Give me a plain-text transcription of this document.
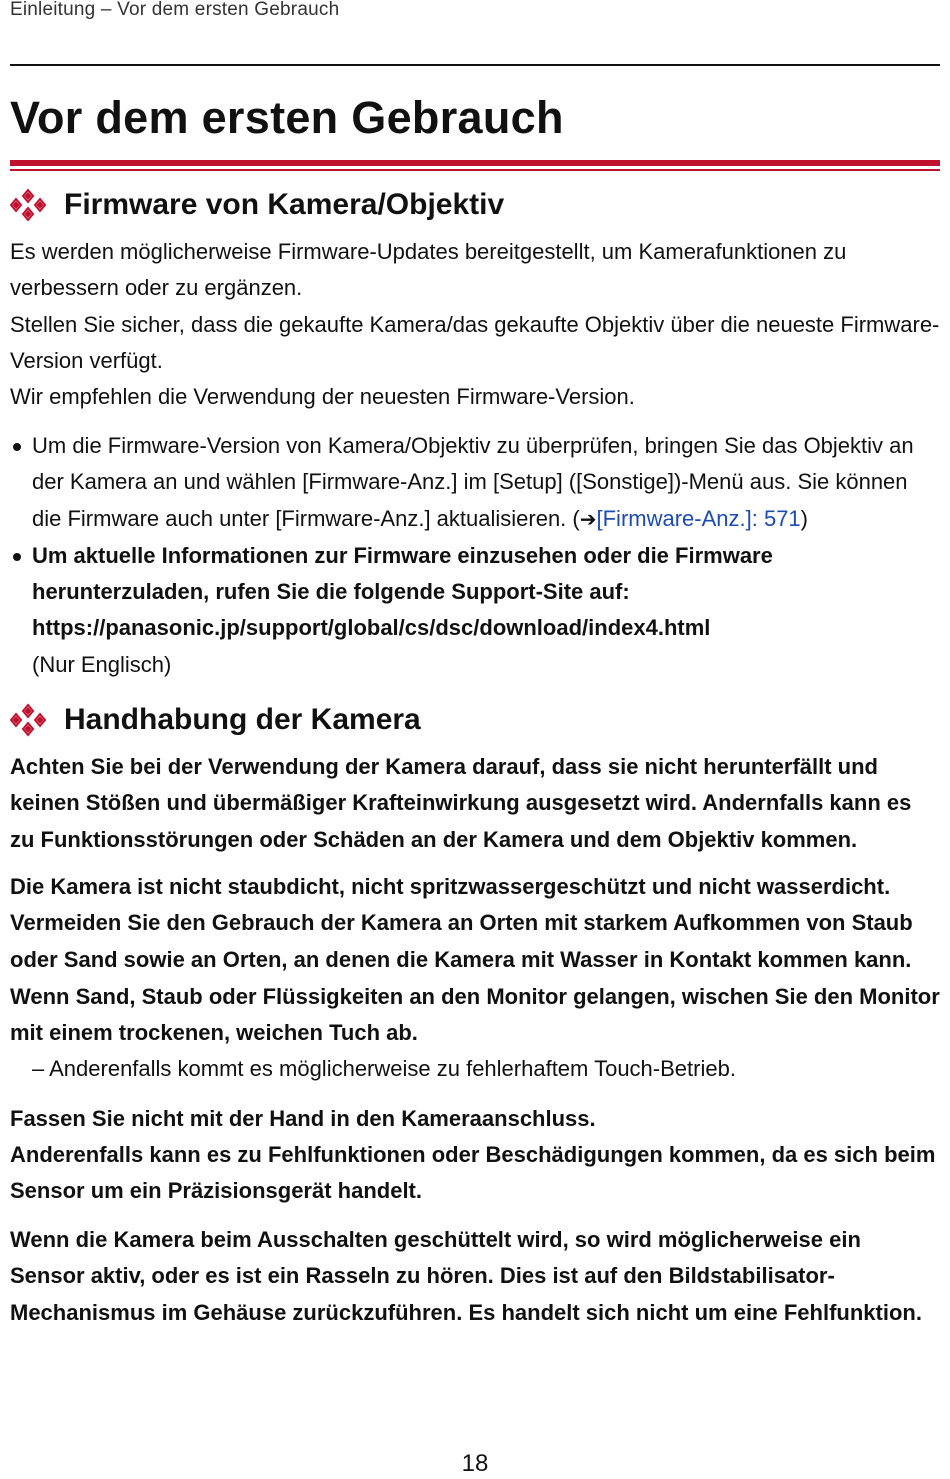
Einleitung – Vor dem ersten Gebrauch
Vor dem ersten Gebrauch
Firmware von Kamera/Objektiv

Es werden möglicherweise Firmware-Updates bereitgestellt, um Kamerafunktionen zu verbessern oder zu ergänzen.

Stellen Sie sicher, dass die gekaufte Kamera/das gekaufte Objektiv über die neueste Firmware-Version verfügt.

Wir empfehlen die Verwendung der neuesten Firmware-Version.

Um die Firmware-Version von Kamera/Objektiv zu überprüfen, bringen Sie das Objektiv an der Kamera an und wählen [Firmware-Anz.] im [Setup] ([Sonstige])-Menü aus. Sie können die Firmware auch unter [Firmware-Anz.] aktualisieren. (➔[Firmware-Anz.]: 571)

Um aktuelle Informationen zur Firmware einzusehen oder die Firmware herunterzuladen, rufen Sie die folgende Support-Site auf:
https://panasonic.jp/support/global/cs/dsc/download/index4.html

(Nur Englisch)

Handhabung der Kamera
Achten Sie bei der Verwendung der Kamera darauf, dass sie nicht herunterfällt und keinen Stößen und übermäßiger Krafteinwirkung ausgesetzt wird. Andernfalls kann es zu Funktionsstörungen oder Schäden an der Kamera und dem Objektiv kommen.
Die Kamera ist nicht staubdicht, nicht spritzwassergeschützt und nicht wasserdicht. Vermeiden Sie den Gebrauch der Kamera an Orten mit starkem Aufkommen von Staub oder Sand sowie an Orten, an denen die Kamera mit Wasser in Kontakt kommen kann.
Wenn Sand, Staub oder Flüssigkeiten an den Monitor gelangen, wischen Sie den Monitor mit einem trockenen, weichen Tuch ab.
– Anderenfalls kommt es möglicherweise zu fehlerhaftem Touch-Betrieb.
Fassen Sie nicht mit der Hand in den Kameraanschluss.
Anderenfalls kann es zu Fehlfunktionen oder Beschädigungen kommen, da es sich beim Sensor um ein Präzisionsgerät handelt.
Wenn die Kamera beim Ausschalten geschüttelt wird, so wird möglicherweise ein Sensor aktiv, oder es ist ein Rasseln zu hören. Dies ist auf den Bildstabilisator-Mechanismus im Gehäuse zurückzuführen. Es handelt sich nicht um eine Fehlfunktion.
18
